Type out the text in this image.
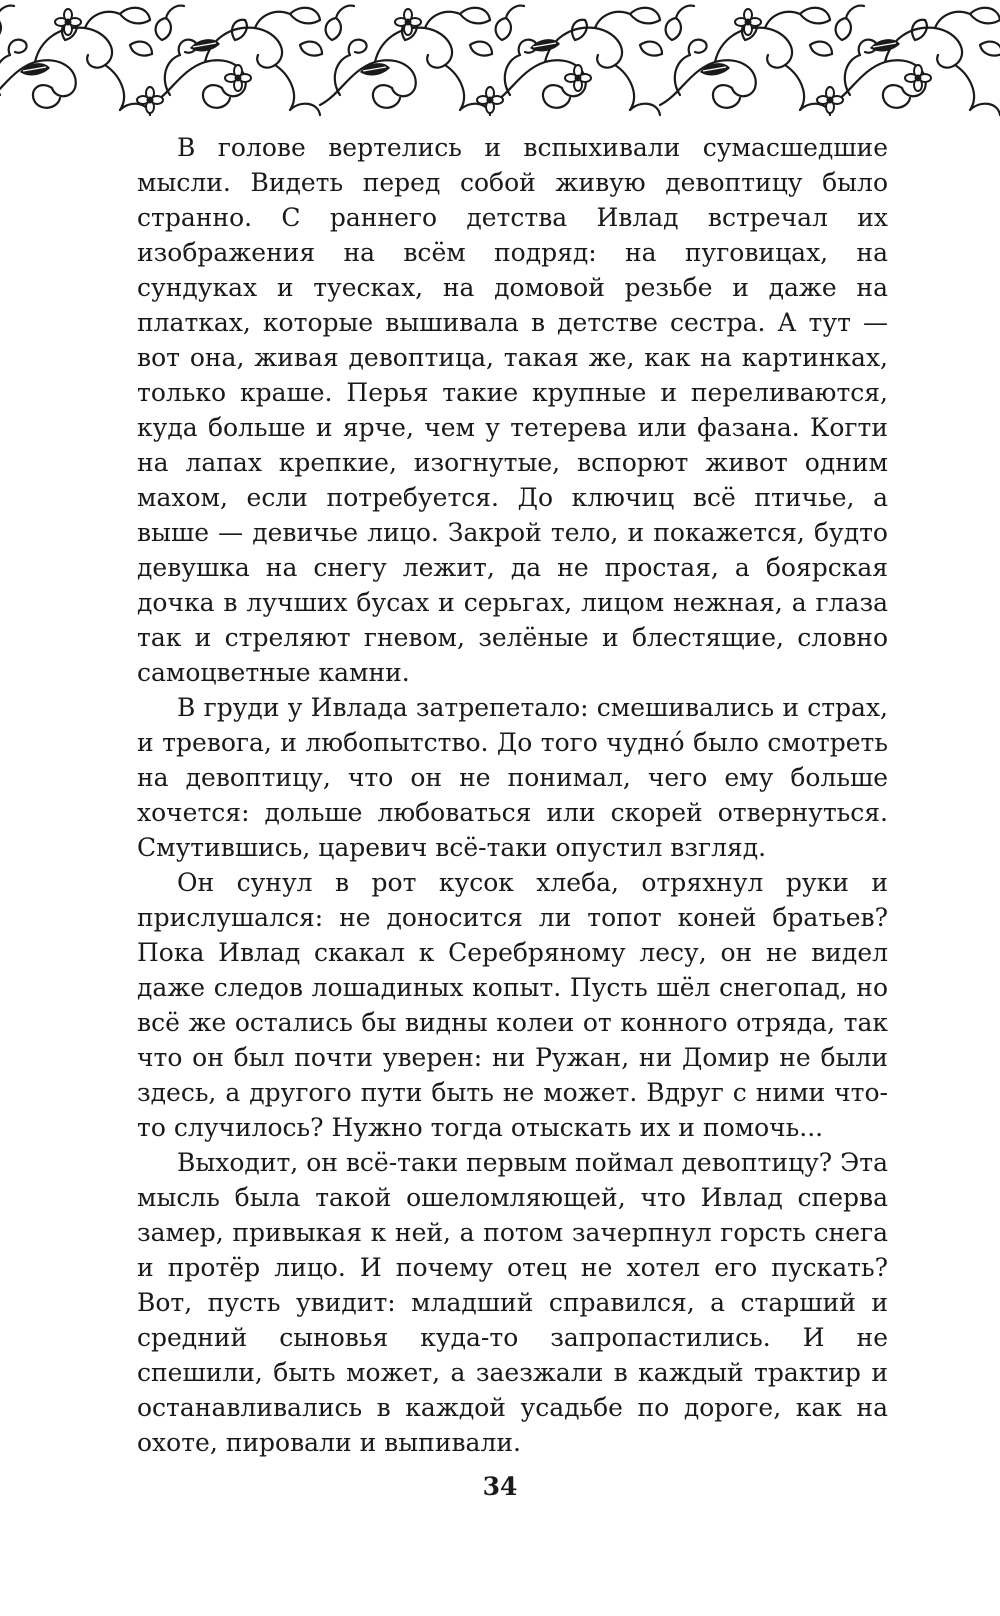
В голове вертелись и вспыхивали сумасшедшие мысли. Видеть перед собой живую девоптицу было странно. С раннего детства Ивлад встречал их изображения на всём подряд: на пуговицах, на сундуках и туесках, на домовой резьбе и даже на платках, которые вышивала в детстве сестра. А тут — вот она, живая девоптица, такая же, как на картинках, только краше. Перья такие крупные и переливаются, куда больше и ярче, чем у тетерева или фазана. Когти на лапах крепкие, изогнутые, вспорют живот одним махом, если потребуется. До ключиц всё птичье, а выше — девичье лицо. Закрой тело, и покажется, будто девушка на снегу лежит, да не простая, а боярская дочка в лучших бусах и серьгах, лицом нежная, а глаза так и стреляют гневом, зелёные и блестящие, словно самоцветные камни.

В груди у Ивлада затрепетало: смешивались и страх, и тревога, и любопытство. До того чудно́ было смотреть на девоптицу, что он не понимал, чего ему больше хочется: дольше любоваться или скорей отвернуться. Смутившись, царевич всё-таки опустил взгляд.

Он сунул в рот кусок хлеба, отряхнул руки и прислушался: не доносится ли топот коней братьев? Пока Ивлад скакал к Серебряному лесу, он не видел даже следов лошадиных копыт. Пусть шёл снегопад, но всё же остались бы видны колеи от конного отряда, так что он был почти уверен: ни Ружан, ни Домир не были здесь, а другого пути быть не может. Вдруг с ними что-то случилось? Нужно тогда отыскать их и помочь...

Выходит, он всё-таки первым поймал девоптицу? Эта мысль была такой ошеломляющей, что Ивлад сперва замер, привыкая к ней, а потом зачерпнул горсть снега и протёр лицо. И почему отец не хотел его пускать? Вот, пусть увидит: младший справился, а старший и средний сыновья куда-то запропастились. И не спешили, быть может, а заезжали в каждый трактир и останавливались в каждой усадьбе по дороге, как на охоте, пировали и выпивали.

34
